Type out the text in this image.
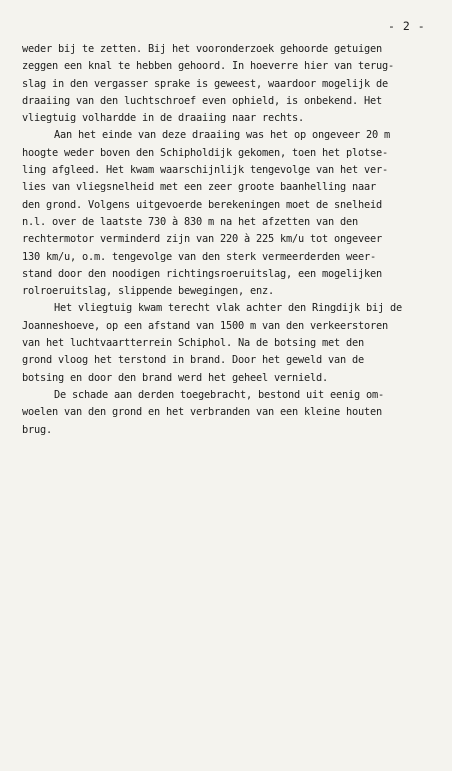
- 2 -
weder bij te zetten. Bij het vooronderzoek gehoorde getuigen
zeggen een knal te hebben gehoord. In hoeverre hier van terug-
slag in den vergasser sprake is geweest, waardoor mogelijk de
draaiing van den luchtschroef even ophield, is onbekend. Het
vliegtuig volhardde in de draaiing naar rechts.
Aan het einde van deze draaiing was het op ongeveer 20 m
hoogte weder boven den Schipholdijk gekomen, toen het plotse-
ling afgleed. Het kwam waarschijnlijk tengevolge van het ver-
lies van vliegsnelheid met een zeer groote baanhelling naar
den grond. Volgens uitgevoerde berekeningen moet de snelheid
n.l. over de laatste 730 à 830 m na het afzetten van den
rechtermotor verminderd zijn van 220 à 225 km/u tot ongeveer
130 km/u, o.m. tengevolge van den sterk vermeerderden weer-
stand door den noodigen richtingsroeruitslag, een mogelijken
rolroeruitslag, slippende bewegingen, enz.
Het vliegtuig kwam terecht vlak achter den Ringdijk bij de
Joanneshoeve, op een afstand van 1500 m van den verkeerstoren
van het luchtvaartterrein Schiphol. Na de botsing met den
grond vloog het terstond in brand. Door het geweld van de
botsing en door den brand werd het geheel vernield.
De schade aan derden toegebracht, bestond uit eenig om-
woelen van den grond en het verbranden van een kleine houten
brug.
